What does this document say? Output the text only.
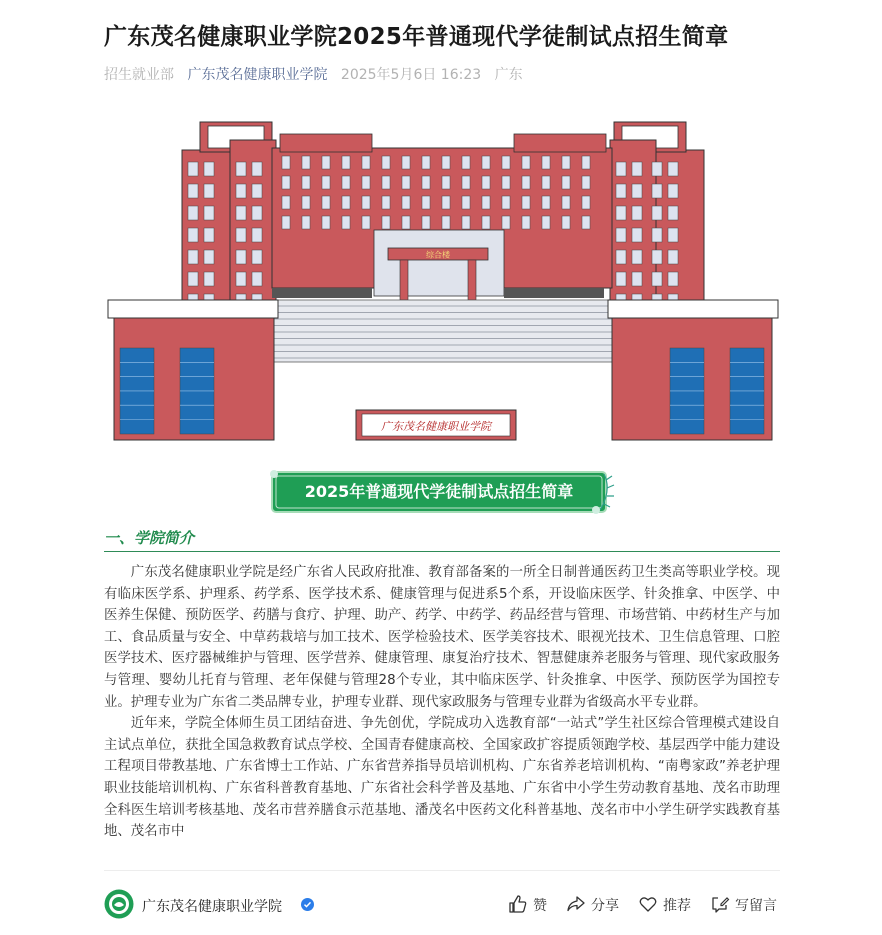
广东茂名健康职业学院2025年普通现代学徒制试点招生简章
招生就业部 广东茂名健康职业学院 2025年5月6日 16:23 广东
综合楼
广东茂名健康职业学院
2025年普通现代学徒制试点招生简章
一、学院简介

广东茂名健康职业学院是经广东省人民政府批准、教育部备案的一所全日制普通医药卫生类高等职业学校。现有临床医学系、护理系、药学系、医学技术系、健康管理与促进系5个系，开设临床医学、针灸推拿、中医学、中医养生保健、预防医学、药膳与食疗、护理、助产、药学、中药学、药品经营与管理、市场营销、中药材生产与加工、食品质量与安全、中草药栽培与加工技术、医学检验技术、医学美容技术、眼视光技术、卫生信息管理、口腔医学技术、医疗器械维护与管理、医学营养、健康管理、康复治疗技术、智慧健康养老服务与管理、现代家政服务与管理、婴幼儿托育与管理、老年保健与管理28个专业，其中临床医学、针灸推拿、中医学、预防医学为国控专业。护理专业为广东省二类品牌专业，护理专业群、现代家政服务与管理专业群为省级高水平专业群。

近年来，学院全体师生员工团结奋进、争先创优，学院成功入选教育部“一站式”学生社区综合管理模式建设自主试点单位，获批全国急救教育试点学校、全国青春健康高校、全国家政扩容提质领跑学校、基层西学中能力建设工程项目带教基地、广东省博士工作站、广东省营养指导员培训机构、广东省养老培训机构、“南粤家政”养老护理职业技能培训机构、广东省科普教育基地、广东省社会科学普及基地、广东省中小学生劳动教育基地、茂名市助理全科医生培训考核基地、茂名市营养膳食示范基地、潘茂名中医药文化科普基地、茂名市中小学生研学实践教育基地、茂名市中

广东茂名健康职业学院	赞	分享	推荐	写留言
